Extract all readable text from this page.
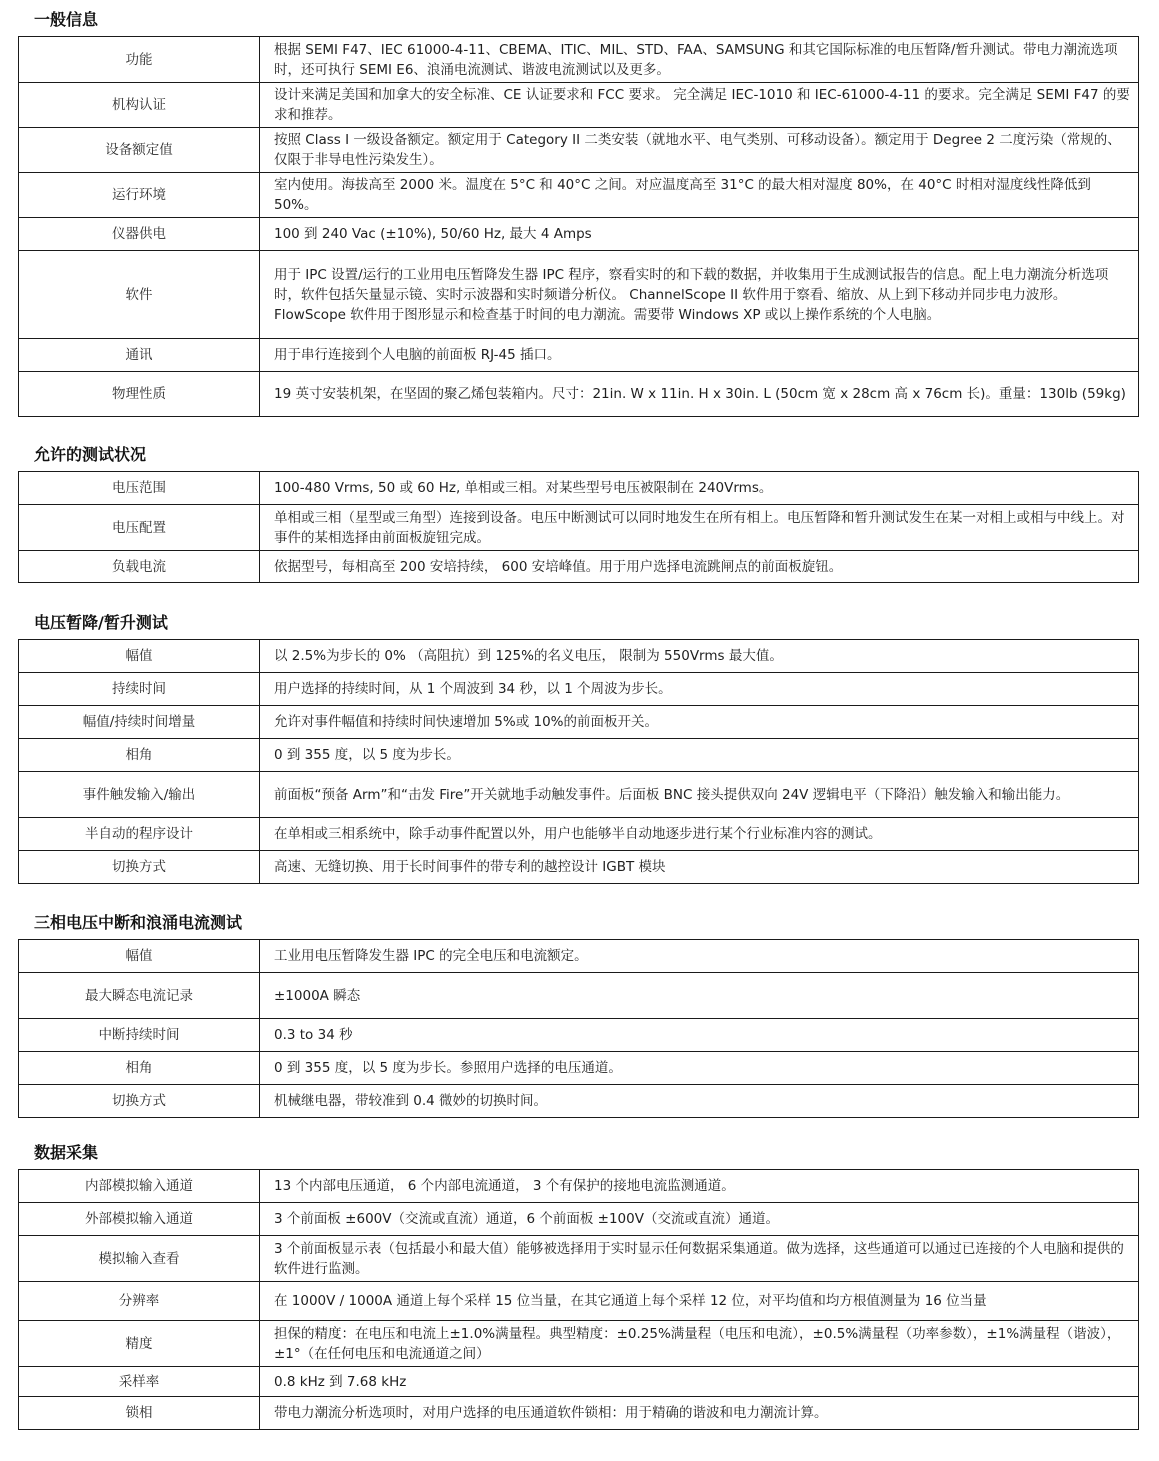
一般信息
功能	根据 SEMI F47、IEC 61000-4-11、CBEMA、ITIC、MIL、STD、FAA、SAMSUNG 和其它国际标准的电压暂降/暂升测试。带电力潮流选项时，还可执行 SEMI E6、浪涌电流测试、谐波电流测试以及更多。
机构认证	设计来满足美国和加拿大的安全标准、CE 认证要求和 FCC 要求。 完全满足 IEC-1010 和 IEC-61000-4-11 的要求。完全满足 SEMI F47 的要求和推荐。
设备额定值	按照 Class I 一级设备额定。额定用于 Category II 二类安装（就地水平、电气类别、可移动设备）。额定用于 Degree 2 二度污染（常规的、仅限于非导电性污染发生）。
运行环境	室内使用。海拔高至 2000 米。温度在 5°C 和 40°C 之间。对应温度高至 31°C 的最大相对湿度 80%，在 40°C 时相对湿度线性降低到 50%。
仪器供电	100 到 240 Vac (±10%), 50/60 Hz, 最大 4 Amps
软件	用于 IPC 设置/运行的工业用电压暂降发生器 IPC 程序，察看实时的和下载的数据，并收集用于生成测试报告的信息。配上电力潮流分析选项时，软件包括矢量显示镜、实时示波器和实时频谱分析仪。 ChannelScope II 软件用于察看、缩放、从上到下移动并同步电力波形。 FlowScope 软件用于图形显示和检查基于时间的电力潮流。需要带 Windows XP 或以上操作系统的个人电脑。
通讯	用于串行连接到个人电脑的前面板 RJ-45 插口。
物理性质	19 英寸安装机架，在坚固的聚乙烯包装箱内。尺寸：21in. W x 11in. H x 30in. L (50cm 宽 x 28cm 高 x 76cm 长)。重量：130lb (59kg)
允许的测试状况
电压范围	100-480 Vrms, 50 或 60 Hz, 单相或三相。对某些型号电压被限制在 240Vrms。
电压配置	单相或三相（星型或三角型）连接到设备。电压中断测试可以同时地发生在所有相上。电压暂降和暂升测试发生在某一对相上或相与中线上。对事件的某相选择由前面板旋钮完成。
负载电流	依据型号，每相高至 200 安培持续， 600 安培峰值。用于用户选择电流跳闸点的前面板旋钮。
电压暂降/暂升测试
幅值	以 2.5%为步长的 0% （高阻抗）到 125%的名义电压， 限制为 550Vrms 最大值。
持续时间	用户选择的持续时间，从 1 个周波到 34 秒，以 1 个周波为步长。
幅值/持续时间增量	允许对事件幅值和持续时间快速增加 5%或 10%的前面板开关。
相角	0 到 355 度，以 5 度为步长。
事件触发输入/输出	前面板“预备 Arm”和“击发 Fire”开关就地手动触发事件。后面板 BNC 接头提供双向 24V 逻辑电平（下降沿）触发输入和输出能力。
半自动的程序设计	在单相或三相系统中，除手动事件配置以外，用户也能够半自动地逐步进行某个行业标准内容的测试。
切换方式	高速、无缝切换、用于长时间事件的带专利的越控设计 IGBT 模块
三相电压中断和浪涌电流测试
幅值	工业用电压暂降发生器 IPC 的完全电压和电流额定。
最大瞬态电流记录	±1000A 瞬态
中断持续时间	0.3 to 34 秒
相角	0 到 355 度，以 5 度为步长。参照用户选择的电压通道。
切换方式	机械继电器，带较准到 0.4 微妙的切换时间。
数据采集
内部模拟输入通道	13 个内部电压通道， 6 个内部电流通道， 3 个有保护的接地电流监测通道。
外部模拟输入通道	3 个前面板 ±600V（交流或直流）通道，6 个前面板 ±100V（交流或直流）通道。
模拟输入查看	3 个前面板显示表（包括最小和最大值）能够被选择用于实时显示任何数据采集通道。做为选择，这些通道可以通过已连接的个人电脑和提供的软件进行监测。
分辨率	在 1000V / 1000A 通道上每个采样 15 位当量，在其它通道上每个采样 12 位，对平均值和均方根值测量为 16 位当量
精度	担保的精度：在电压和电流上±1.0%满量程。典型精度：±0.25%满量程（电压和电流），±0.5%满量程（功率参数），±1%满量程（谐波），±1°（在任何电压和电流通道之间）
采样率	0.8 kHz 到 7.68 kHz
锁相	带电力潮流分析选项时，对用户选择的电压通道软件锁相：用于精确的谐波和电力潮流计算。
